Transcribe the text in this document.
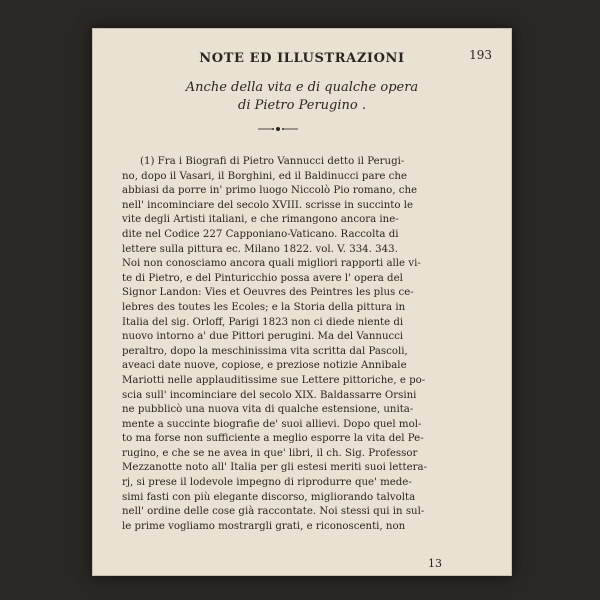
NOTE ED ILLUSTRAZIONI	193
Anche della vita e di qualche opera
di Pietro Perugino .
(1) Fra i Biografi di Pietro Vannucci detto il Perugi-
no, dopo il Vasari, il Borghini, ed il Baldinucci pare che
abbiasi da porre in' primo luogo Niccolò Pio romano, che
nell' incominciare del secolo XVIII. scrisse in succinto le
vite degli Artisti italiani, e che rimangono ancora ine-
dite nel Codice 227 Capponiano-Vaticano. Raccolta di
lettere sulla pittura ec. Milano 1822. vol. V. 334. 343.
Noi non conosciamo ancora quali migliori rapporti alle vi-
te di Pietro, e del Pinturicchio possa avere l' opera del
Signor Landon: Vies et Oeuvres des Peintres les plus ce-
lebres des toutes les Ecoles; e la Storia della pittura in
Italia del sig. Orloff, Parigi 1823 non ci diede niente di
nuovo intorno a' due Pittori perugini. Ma del Vannucci
peraltro, dopo la meschinissima vita scritta dal Pascoli,
aveaci date nuove, copiose, e preziose notizie Annibale
Mariotti nelle applauditissime sue Lettere pittoriche, e po-
scia sull' incominciare del secolo XIX. Baldassarre Orsini
ne pubblicò una nuova vita di qualche estensione, unita-
mente a succinte biografie de' suoi allievi. Dopo quel mol-
to ma forse non sufficiente a meglio esporre la vita del Pe-
rugino, e che se ne avea in que' libri, il ch. Sig. Professor
Mezzanotte noto all' Italia per gli estesi meriti suoi lettera-
rj, si prese il lodevole impegno di riprodurre que' mede-
simi fasti con più elegante discorso, migliorando talvolta
nell' ordine delle cose già raccontate. Noi stessi qui in sul-
le prime vogliamo mostrargli grati, e riconoscenti, non
13
